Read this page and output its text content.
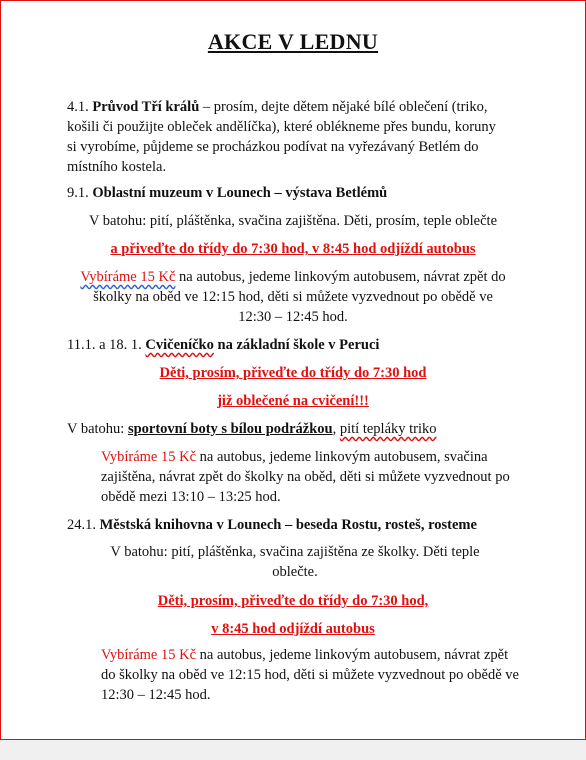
AKCE V LEDNU
4.1. Průvod Tří králů – prosím, dejte dětem nějaké bílé oblečení (triko, košili či použijte obleček andělíčka), které oblékneme přes bundu, koruny si vyrobíme, půjdeme se procházkou podívat na vyřezávaný Betlém do místního kostela.
9.1. Oblastní muzeum v Lounech – výstava Betlémů
V batohu: pití, pláštěnka, svačina zajištěna. Děti, prosím, teple oblečte
a přiveďte do třídy do 7:30 hod, v 8:45 hod odjíždí autobus
Vybíráme 15 Kč na autobus, jedeme linkovým autobusem, návrat zpět do školky na oběd ve 12:15 hod, děti si můžete vyzvednout po obědě ve 12:30 – 12:45 hod.
11.1. a 18. 1. Cvičeníčko na základní škole v Peruci
Děti, prosím, přiveďte do třídy do 7:30 hod
již oblečené na cvičení!!!
V batohu: sportovní boty s bílou podrážkou, pití tepláky triko
Vybíráme 15 Kč na autobus, jedeme linkovým autobusem, svačina zajištěna, návrat zpět do školky na oběd, děti si můžete vyzvednout po obědě mezi 13:10 – 13:25 hod.
24.1. Městská knihovna v Lounech – beseda Rostu, rosteš, rosteme
V batohu: pití, pláštěnka, svačina zajištěna ze školky. Děti teple oblečte.
Děti, prosím, přiveďte do třídy do 7:30 hod,
v 8:45 hod odjíždí autobus
Vybíráme 15 Kč na autobus, jedeme linkovým autobusem, návrat zpět do školky na oběd ve 12:15 hod, děti si můžete vyzvednout po obědě ve 12:30 – 12:45 hod.
